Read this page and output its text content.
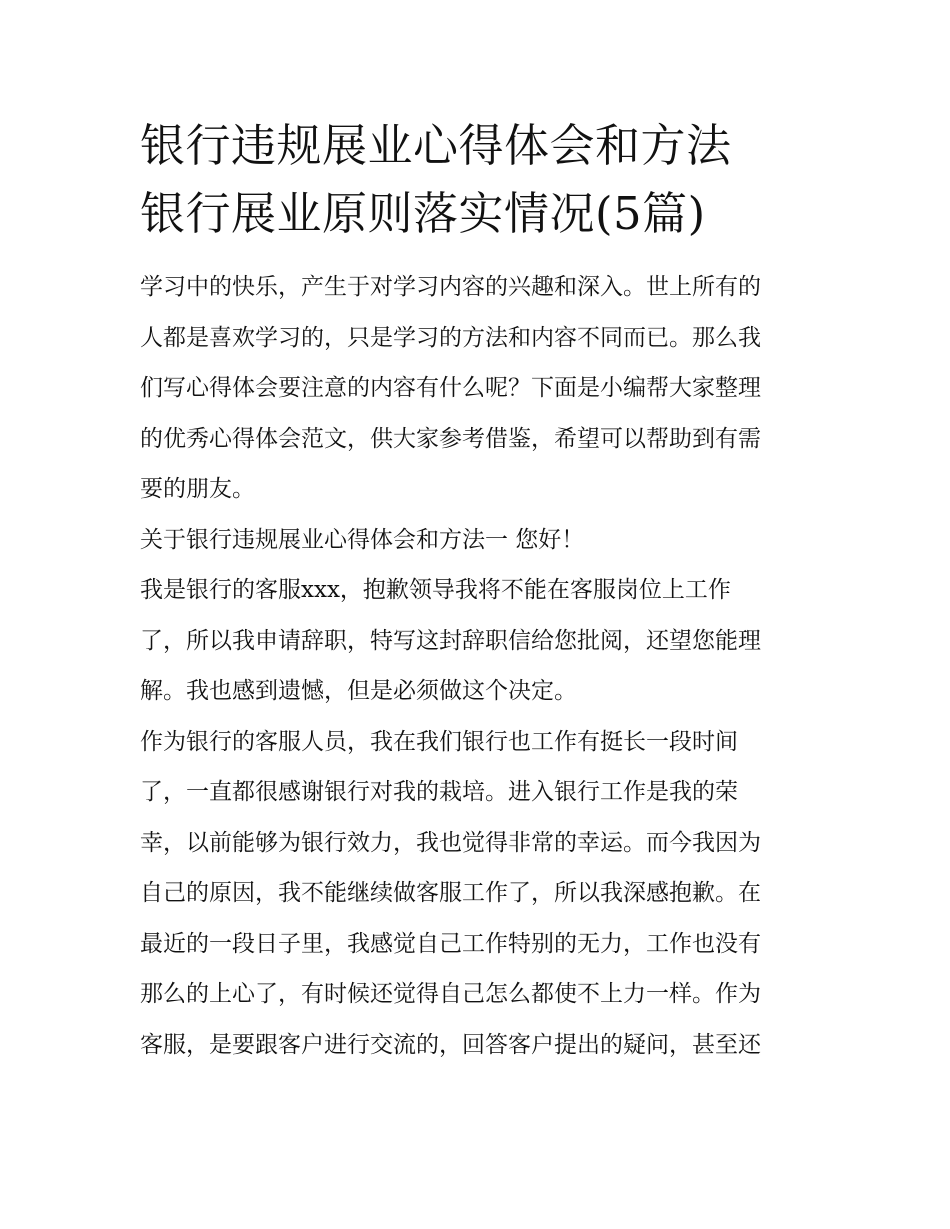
银行违规展业心得体会和方法
银行展业原则落实情况(5篇)
学习中的快乐，产生于对学习内容的兴趣和深入。世上所有的
人都是喜欢学习的，只是学习的方法和内容不同而已。那么我
们写心得体会要注意的内容有什么呢？下面是小编帮大家整理
的优秀心得体会范文，供大家参考借鉴，希望可以帮助到有需
要的朋友。
关于银行违规展业心得体会和方法一 您好！
我是银行的客服xxx，抱歉领导我将不能在客服岗位上工作
了，所以我申请辞职，特写这封辞职信给您批阅，还望您能理
解。我也感到遗憾，但是必须做这个决定。
作为银行的客服人员，我在我们银行也工作有挺长一段时间
了，一直都很感谢银行对我的栽培。进入银行工作是我的荣
幸，以前能够为银行效力，我也觉得非常的幸运。而今我因为
自己的原因，我不能继续做客服工作了，所以我深感抱歉。在
最近的一段日子里，我感觉自己工作特别的无力，工作也没有
那么的上心了，有时候还觉得自己怎么都使不上力一样。作为
客服，是要跟客户进行交流的，回答客户提出的疑问，甚至还
